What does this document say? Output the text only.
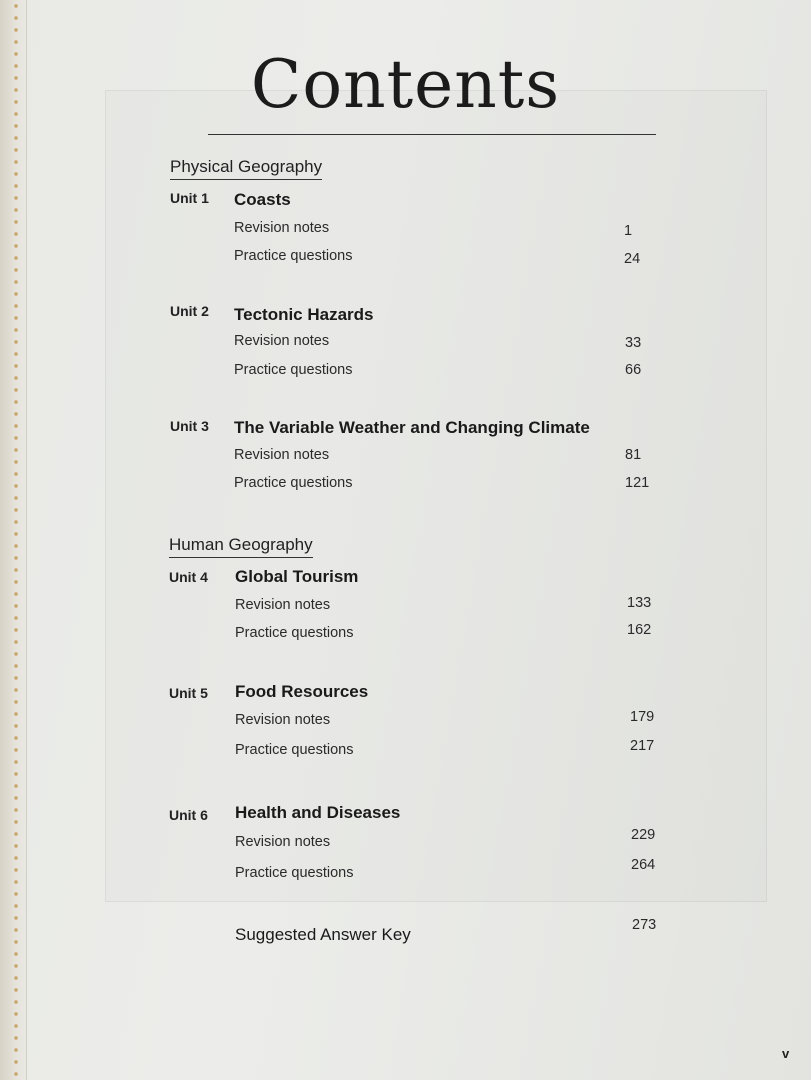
Contents
Physical Geography
Unit 1 Coasts
Revision notes	1
Practice questions	24
Unit 2 Tectonic Hazards
Revision notes	33
Practice questions	66
Unit 3 The Variable Weather and Changing Climate
Revision notes	81
Practice questions	121
Human Geography
Unit 4 Global Tourism
Revision notes	133
Practice questions	162
Unit 5 Food Resources
Revision notes	179
Practice questions	217
Unit 6 Health and Diseases
Revision notes	229
Practice questions	264
Suggested Answer Key	273
v
